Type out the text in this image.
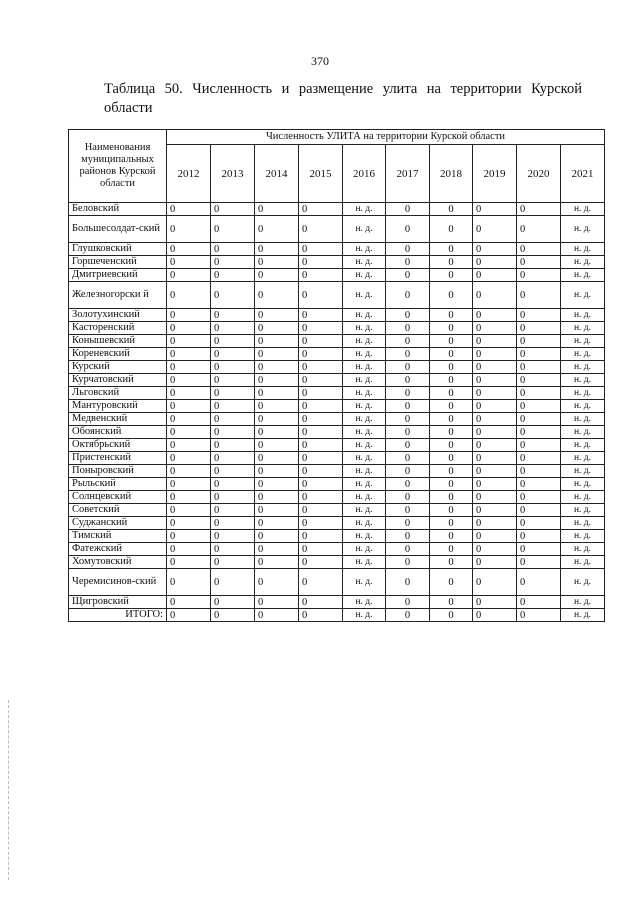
370
Таблица 50. Численность и размещение улита на территории Курской области
Наименования муниципальных районов Курской области	Численность УЛИТА на территории Курской области									
	2012	2013	2014	2015	2016	2017	2018	2019	2020	2021
Беловский	0	0	0	0	н. д.	0	0	0	0	н. д.
Большесолдат-ский	0	0	0	0	н. д.	0	0	0	0	н. д.
Глушковский	0	0	0	0	н. д.	0	0	0	0	н. д.
Горшеченский	0	0	0	0	н. д.	0	0	0	0	н. д.
Дмитриевский	0	0	0	0	н. д.	0	0	0	0	н. д.
Железногорски й	0	0	0	0	н. д.	0	0	0	0	н. д.
Золотухинский	0	0	0	0	н. д.	0	0	0	0	н. д.
Касторенский	0	0	0	0	н. д.	0	0	0	0	н. д.
Конышевский	0	0	0	0	н. д.	0	0	0	0	н. д.
Кореневский	0	0	0	0	н. д.	0	0	0	0	н. д.
Курский	0	0	0	0	н. д.	0	0	0	0	н. д.
Курчатовский	0	0	0	0	н. д.	0	0	0	0	н. д.
Льговский	0	0	0	0	н. д.	0	0	0	0	н. д.
Мантуровский	0	0	0	0	н. д.	0	0	0	0	н. д.
Медвенский	0	0	0	0	н. д.	0	0	0	0	н. д.
Обоянский	0	0	0	0	н. д.	0	0	0	0	н. д.
Октябрьский	0	0	0	0	н. д.	0	0	0	0	н. д.
Пристенский	0	0	0	0	н. д.	0	0	0	0	н. д.
Поныровский	0	0	0	0	н. д.	0	0	0	0	н. д.
Рыльский	0	0	0	0	н. д.	0	0	0	0	н. д.
Солнцевский	0	0	0	0	н. д.	0	0	0	0	н. д.
Советский	0	0	0	0	н. д.	0	0	0	0	н. д.
Суджанский	0	0	0	0	н. д.	0	0	0	0	н. д.
Тимский	0	0	0	0	н. д.	0	0	0	0	н. д.
Фатежский	0	0	0	0	н. д.	0	0	0	0	н. д.
Хомутовский	0	0	0	0	н. д.	0	0	0	0	н. д.
Черемисинов-ский	0	0	0	0	н. д.	0	0	0	0	н. д.
Щигровский	0	0	0	0	н. д.	0	0	0	0	н. д.
ИТОГО:	0	0	0	0	н. д.	0	0	0	0	н. д.
